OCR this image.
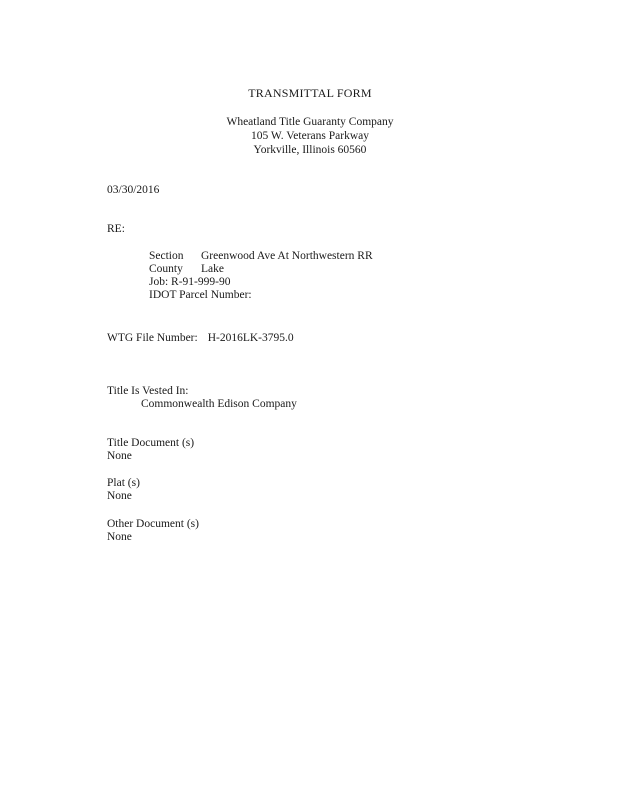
TRANSMITTAL FORM
Wheatland Title Guaranty Company
105 W. Veterans Parkway
Yorkville, Illinois 60560
03/30/2016
RE:
Section Greenwood Ave At Northwestern RR
County Lake
Job: R-91-999-90
IDOT Parcel Number:
WTG File Number: H-2016LK-3795.0
Title Is Vested In:
Commonwealth Edison Company
Title Document (s)
None
Plat (s)
None
Other Document (s)
None
